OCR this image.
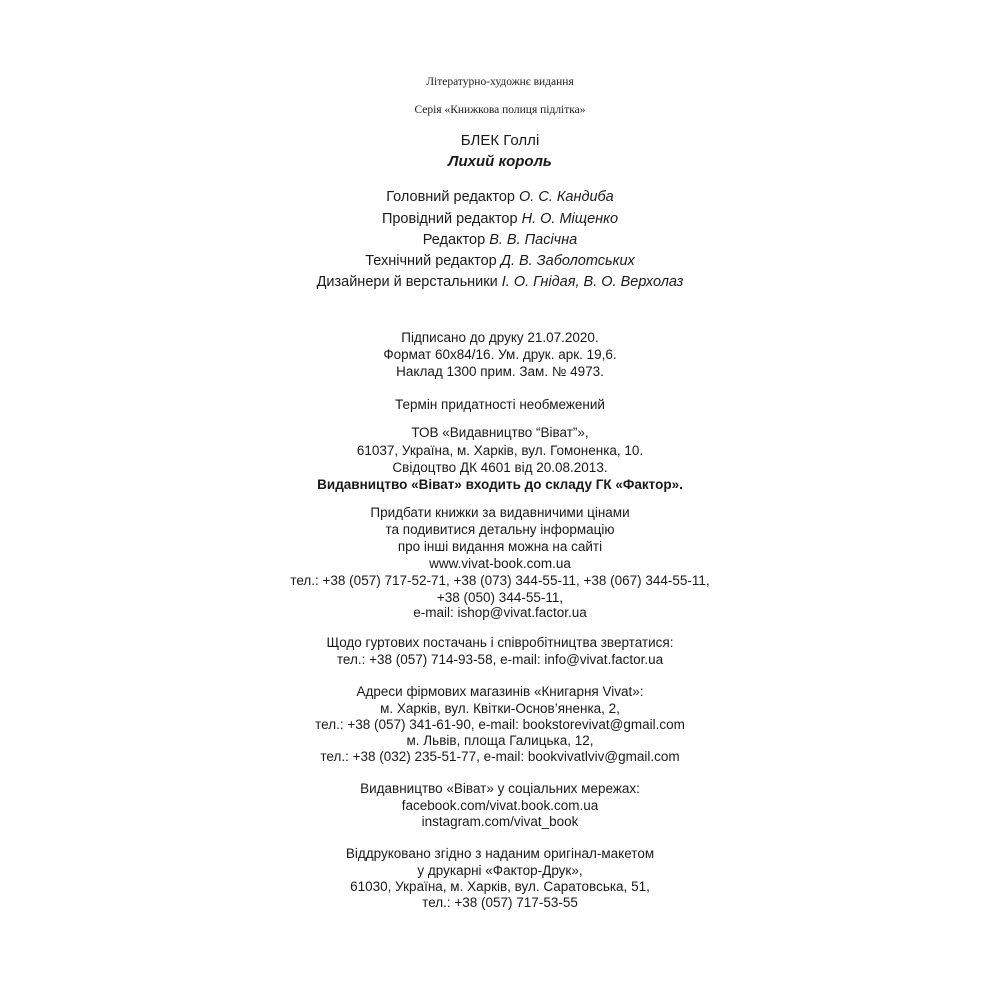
Літературно-художнє видання
Серія «Книжкова полиця підлітка»
БЛЕК Голлі
Лихий король
Головний редактор О. С. Кандиба
Провідний редактор Н. О. Міщенко
Редактор В. В. Пасічна
Технічний редактор Д. В. Заболотських
Дизайнери й верстальники І. О. Гнідая, В. О. Верхолаз
Підписано до друку 21.07.2020.
Формат 60x84/16. Ум. друк. арк. 19,6.
Наклад 1300 прим. Зам. № 4973.
Термін придатності необмежений
ТОВ «Видавництво “Віват”»,
61037, Україна, м. Харків, вул. Гомоненка, 10.
Свідоцтво ДК 4601 від 20.08.2013.
Видавництво «Віват» входить до складу ГК «Фактор».
Придбати книжки за видавничими цінами
та подивитися детальну інформацію
про інші видання можна на сайті
www.vivat-book.com.ua
тел.: +38 (057) 717-52-71, +38 (073) 344-55-11, +38 (067) 344-55-11,
+38 (050) 344-55-11,
e-mail: ishop@vivat.factor.ua
Щодо гуртових постачань і співробітництва звертатися:
тел.: +38 (057) 714-93-58, e-mail: info@vivat.factor.ua
Адреси фірмових магазинів «Книгарня Vivat»:
м. Харків, вул. Квітки-Основ’яненка, 2,
тел.: +38 (057) 341-61-90, e-mail: bookstorevivat@gmail.com
м. Львів, площа Галицька, 12,
тел.: +38 (032) 235-51-77, e-mail: bookvivatlviv@gmail.com
Видавництво «Віват» у соціальних мережах:
facebook.com/vivat.book.com.ua
instagram.com/vivat_book
Віддруковано згідно з наданим оригінал-макетом
у друкарні «Фактор-Друк»,
61030, Україна, м. Харків, вул. Саратовська, 51,
тел.: +38 (057) 717-53-55
